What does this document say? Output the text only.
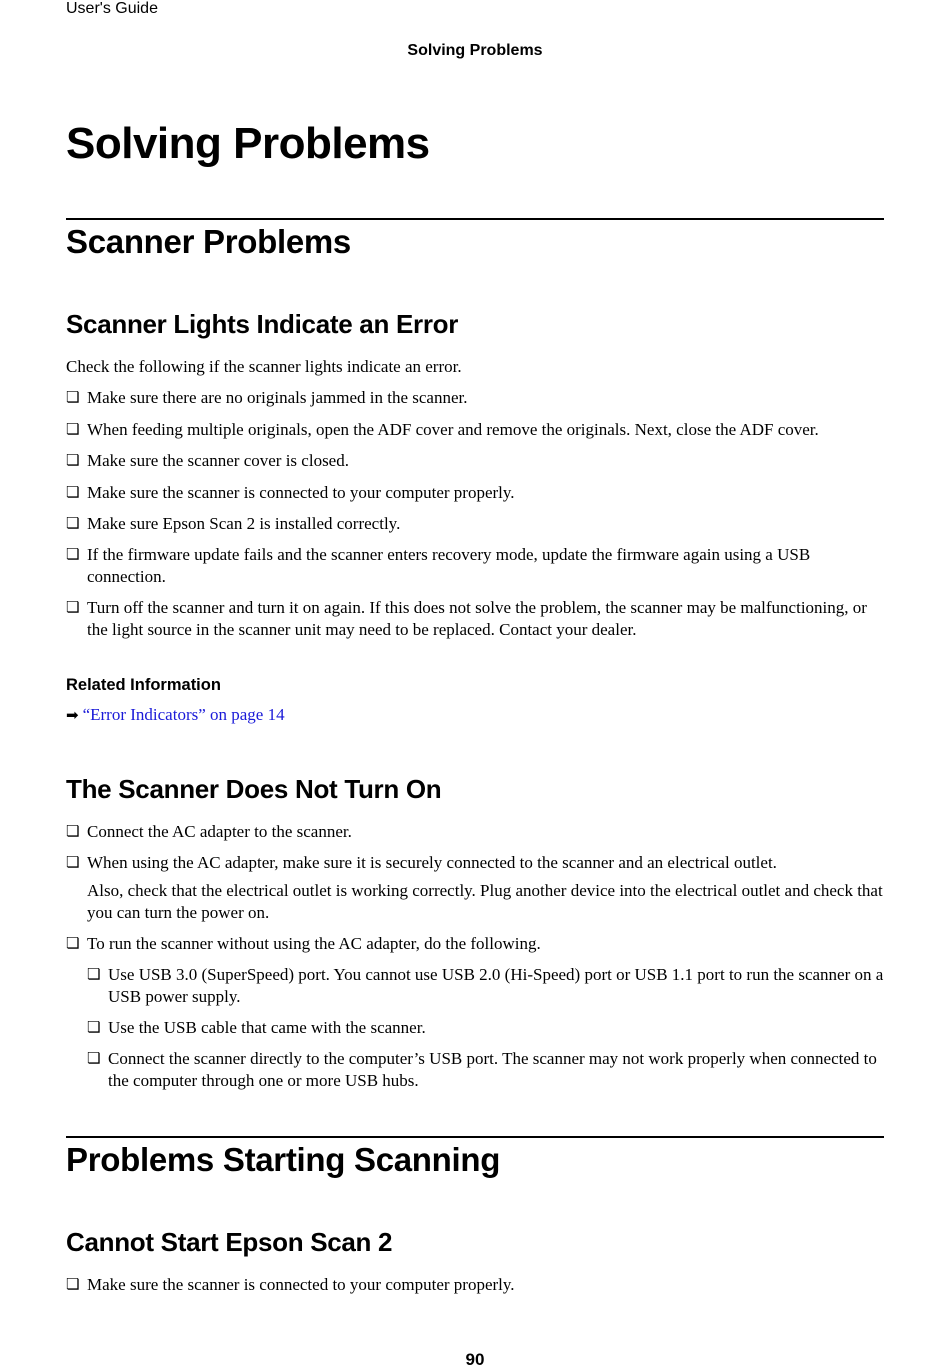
User's Guide
Solving Problems
Solving Problems
Scanner Problems
Scanner Lights Indicate an Error
Check the following if the scanner lights indicate an error.
❏ Make sure there are no originals jammed in the scanner.
❏ When feeding multiple originals, open the ADF cover and remove the originals. Next, close the ADF cover.
❏ Make sure the scanner cover is closed.
❏ Make sure the scanner is connected to your computer properly.
❏ Make sure Epson Scan 2 is installed correctly.
❏ If the firmware update fails and the scanner enters recovery mode, update the firmware again using a USB connection.
❏ Turn off the scanner and turn it on again. If this does not solve the problem, the scanner may be malfunctioning, or the light source in the scanner unit may need to be replaced. Contact your dealer.
Related Information
➡ “Error Indicators” on page 14
The Scanner Does Not Turn On
❏ Connect the AC adapter to the scanner.
❏ When using the AC adapter, make sure it is securely connected to the scanner and an electrical outlet.
Also, check that the electrical outlet is working correctly. Plug another device into the electrical outlet and check that you can turn the power on.
❏ To run the scanner without using the AC adapter, do the following.
❏ Use USB 3.0 (SuperSpeed) port. You cannot use USB 2.0 (Hi-Speed) port or USB 1.1 port to run the scanner on a USB power supply.
❏ Use the USB cable that came with the scanner.
❏ Connect the scanner directly to the computer’s USB port. The scanner may not work properly when connected to the computer through one or more USB hubs.
Problems Starting Scanning
Cannot Start Epson Scan 2
❏ Make sure the scanner is connected to your computer properly.
90
